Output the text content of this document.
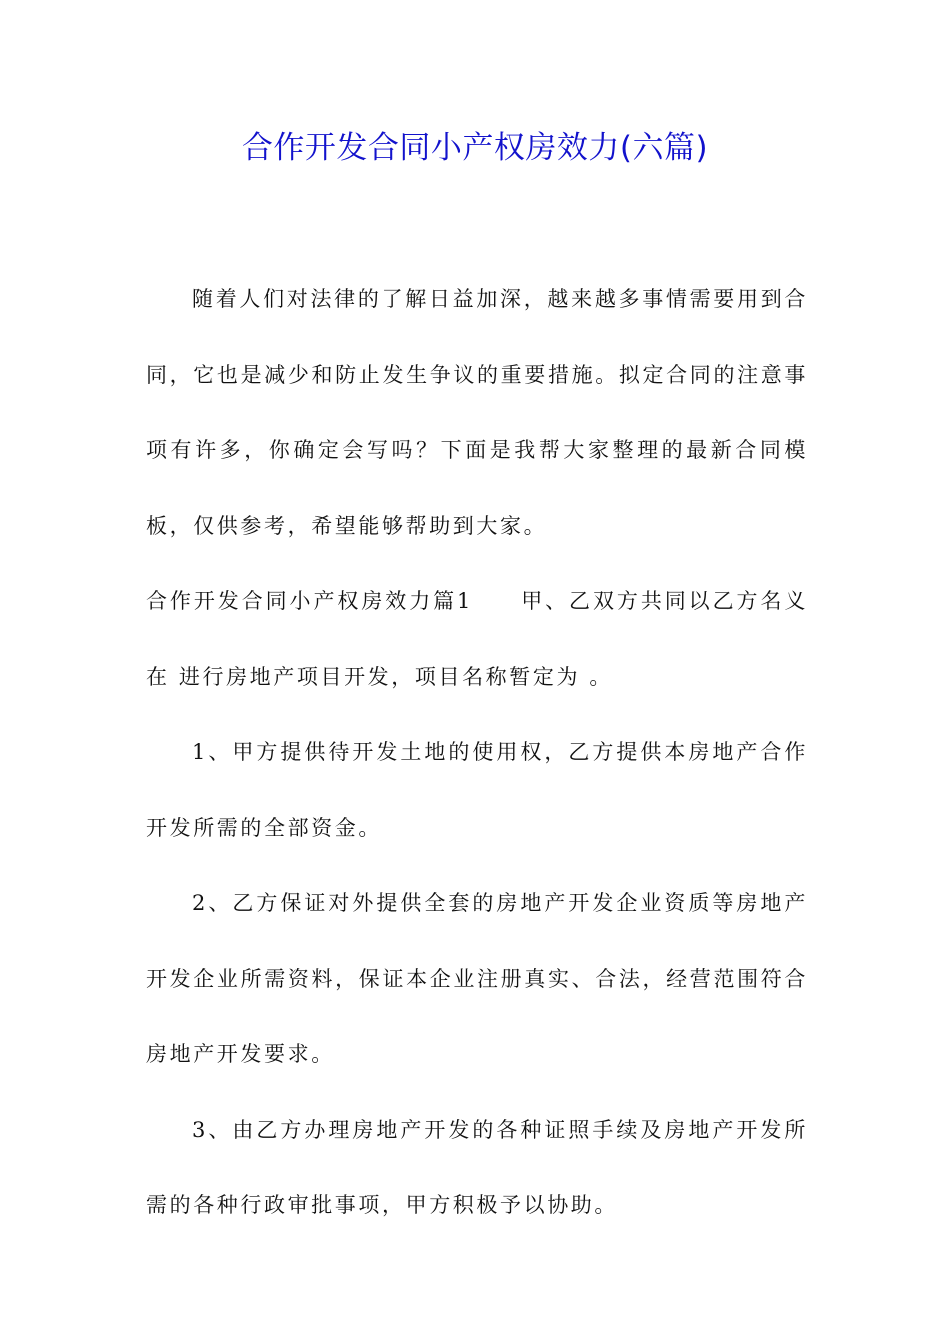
合作开发合同小产权房效力(六篇)

随着人们对法律的了解日益加深，越来越多事情需要用到合同，它也是减少和防止发生争议的重要措施。拟定合同的注意事项有许多，你确定会写吗？下面是我帮大家整理的最新合同模板，仅供参考，希望能够帮助到大家。

合作开发合同小产权房效力篇1　　甲、乙双方共同以乙方名义在 进行房地产项目开发，项目名称暂定为 。

1、甲方提供待开发土地的使用权，乙方提供本房地产合作开发所需的全部资金。

2、乙方保证对外提供全套的房地产开发企业资质等房地产开发企业所需资料，保证本企业注册真实、合法，经营范围符合房地产开发要求。

3、由乙方办理房地产开发的各种证照手续及房地产开发所需的各种行政审批事项，甲方积极予以协助。
